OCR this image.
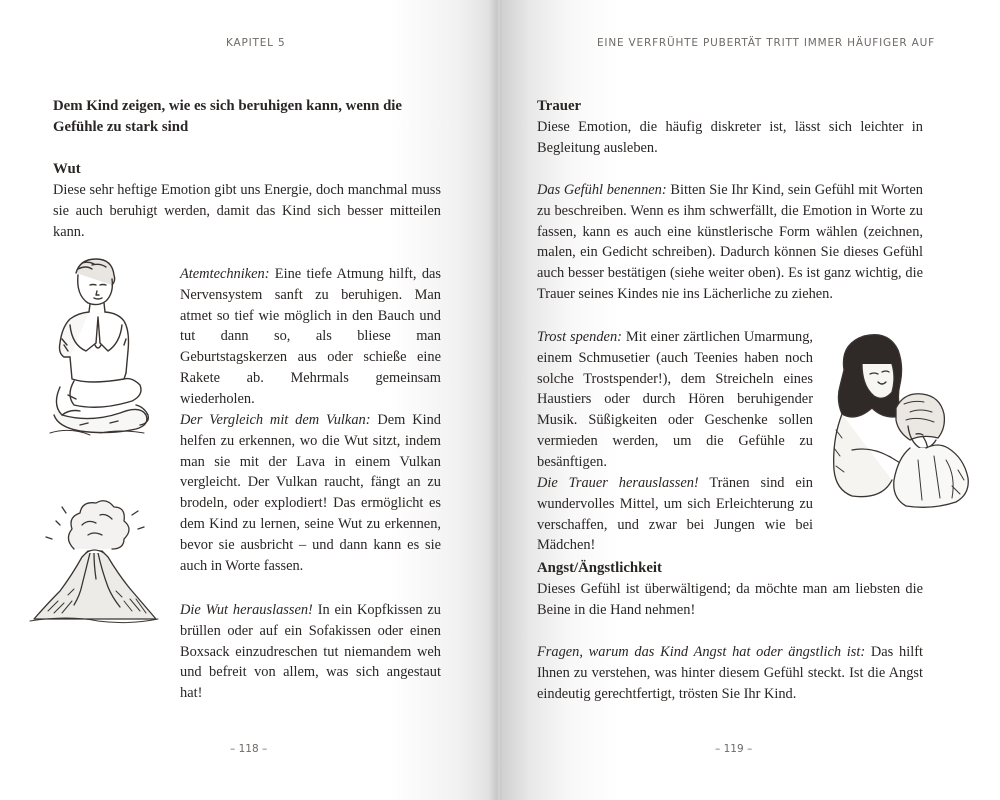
KAPITEL 5

Dem Kind zeigen, wie es sich beruhigen kann, wenn die Gefühle zu stark sind

Wut

Diese sehr heftige Emotion gibt uns Energie, doch manchmal muss sie auch beruhigt werden, damit das Kind sich besser mitteilen kann.

Atemtechniken: Eine tiefe Atmung hilft, das Nervensystem sanft zu beruhigen. Man atmet so tief wie möglich in den Bauch und tut dann so, als bliese man Geburtstagskerzen aus oder schieße eine Rakete ab. Mehrmals gemeinsam wiederholen.

Der Vergleich mit dem Vulkan: Dem Kind helfen zu erkennen, wo die Wut sitzt, indem man sie mit der Lava in einem Vulkan vergleicht. Der Vulkan raucht, fängt an zu brodeln, oder explodiert! Das ermöglicht es dem Kind zu lernen, seine Wut zu erkennen, bevor sie ausbricht – und dann kann es sie auch in Worte fassen.

Die Wut herauslassen! In ein Kopfkissen zu brüllen oder auf ein Sofakissen oder einen Boxsack einzudreschen tut niemandem weh und befreit von allem, was sich angestaut hat!

– 118 –
EINE VERFRÜHTE PUBERTÄT TRITT IMMER HÄUFIGER AUF

Trauer

Diese Emotion, die häufig diskreter ist, lässt sich leichter in Begleitung ausleben.

Das Gefühl benennen: Bitten Sie Ihr Kind, sein Gefühl mit Worten zu beschreiben. Wenn es ihm schwerfällt, die Emotion in Worte zu fassen, kann es auch eine künstlerische Form wählen (zeichnen, malen, ein Gedicht schreiben). Dadurch können Sie dieses Gefühl auch besser bestätigen (siehe weiter oben). Es ist ganz wichtig, die Trauer seines Kindes nie ins Lächerliche zu ziehen.

Trost spenden: Mit einer zärtlichen Umarmung, einem Schmusetier (auch Teenies haben noch solche Trostspender!), dem Streicheln eines Haustiers oder durch Hören beruhigender Musik. Süßigkeiten oder Geschenke sollen vermieden werden, um die Gefühle zu besänftigen.

Die Trauer herauslassen! Tränen sind ein wundervolles Mittel, um sich Erleichterung zu verschaffen, und zwar bei Jungen wie bei Mädchen!

Angst/Ängstlichkeit

Dieses Gefühl ist überwältigend; da möchte man am liebsten die Beine in die Hand nehmen!

Fragen, warum das Kind Angst hat oder ängstlich ist: Das hilft Ihnen zu verstehen, was hinter diesem Gefühl steckt. Ist die Angst eindeutig gerechtfertigt, trösten Sie Ihr Kind.

– 119 –
